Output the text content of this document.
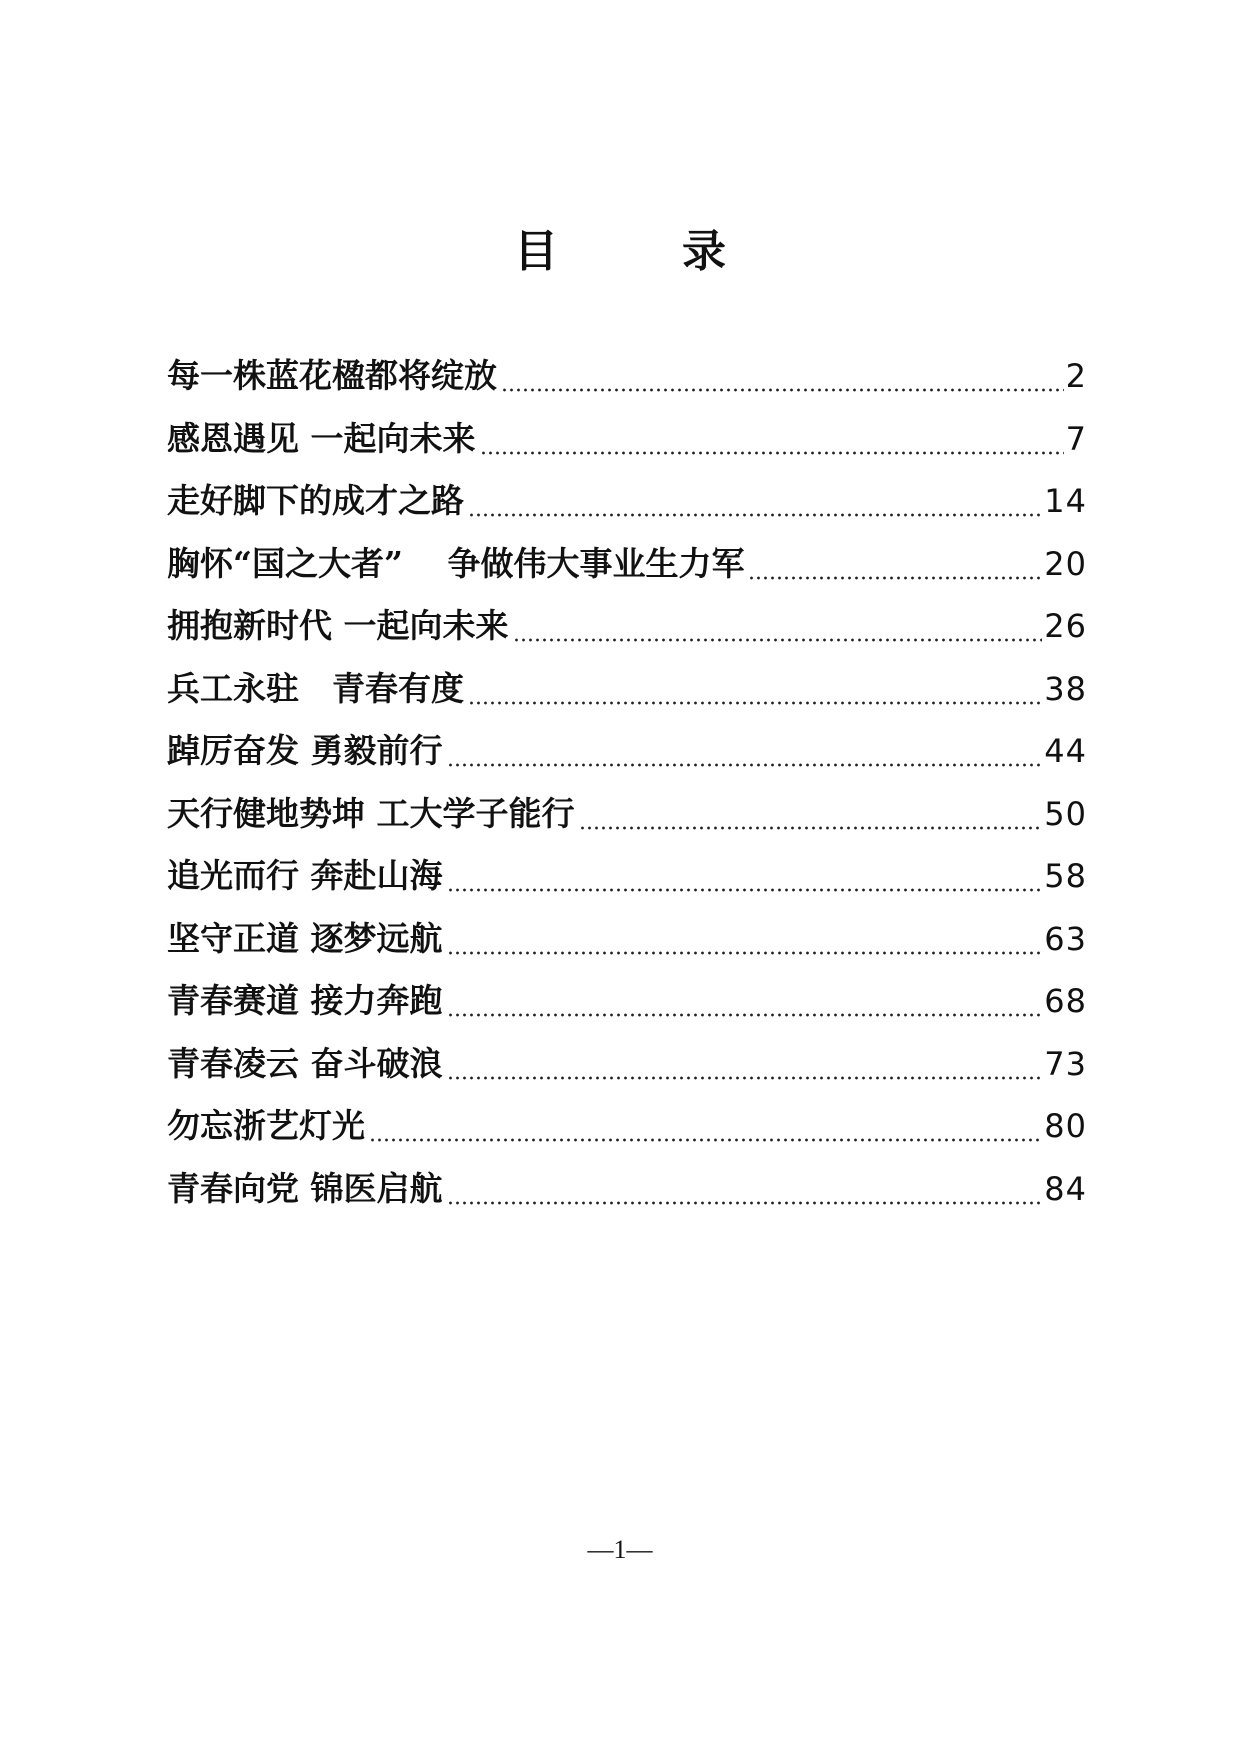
目　录
每一株蓝花楹都将绽放	2
感恩遇见 一起向未来	7
走好脚下的成才之路	14
胸怀“国之大者”　 争做伟大事业生力军	20
拥抱新时代 一起向未来	26
兵工永驻　青春有度	38
踔厉奋发 勇毅前行	44
天行健地势坤 工大学子能行	50
追光而行 奔赴山海	58
坚守正道 逐梦远航	63
青春赛道 接力奔跑	68
青春凌云 奋斗破浪	73
勿忘浙艺灯光	80
青春向党 锦医启航	84
—1—
